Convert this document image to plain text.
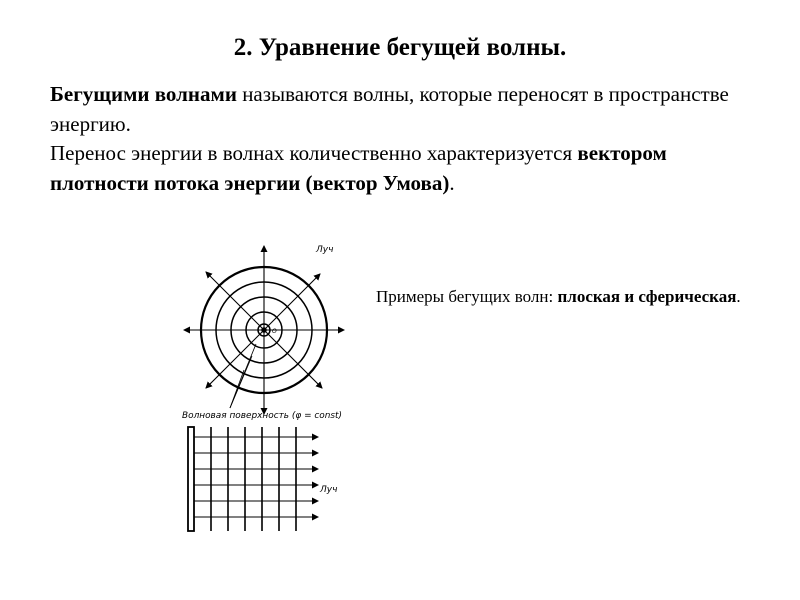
2. Уравнение бегущей волны.

Бегущими волнами называются волны, которые переносят в пространстве энергию.

Перенос энергии в волнах количественно характеризуется вектором плотности потока энергии (вектор Умова).

Примеры бегущих волн: плоская и сферическая.
Луч
О
Волновая поверхность (φ = const)
Луч
